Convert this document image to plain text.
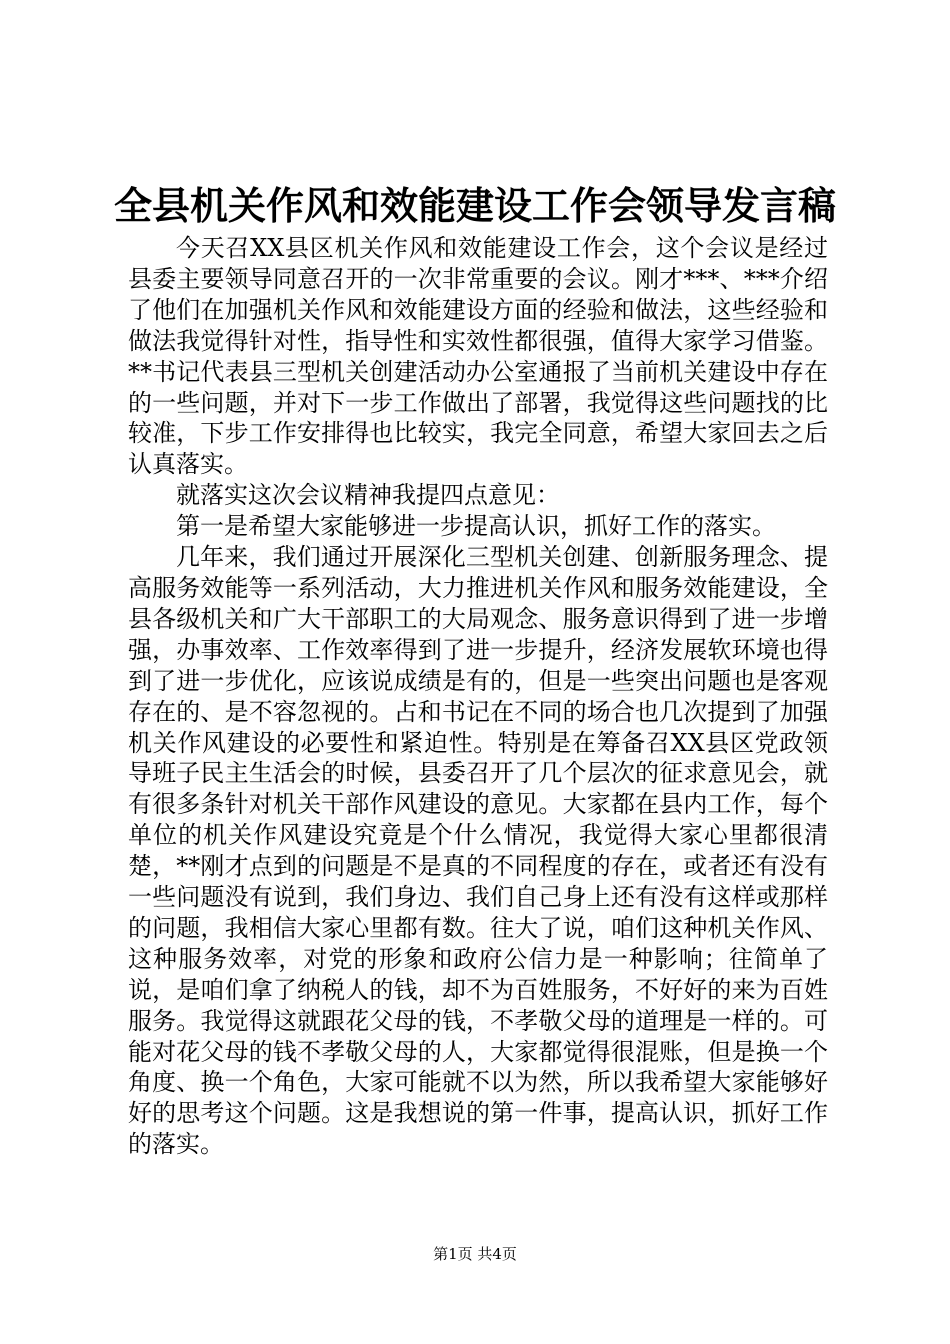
全县机关作风和效能建设工作会领导发言稿

今天召XX县区机关作风和效能建设工作会，这个会议是经过县委主要领导同意召开的一次非常重要的会议。刚才***、***介绍了他们在加强机关作风和效能建设方面的经验和做法，这些经验和做法我觉得针对性，指导性和实效性都很强，值得大家学习借鉴。**书记代表县三型机关创建活动办公室通报了当前机关建设中存在的一些问题，并对下一步工作做出了部署，我觉得这些问题找的比较准，下步工作安排得也比较实，我完全同意，希望大家回去之后认真落实。

就落实这次会议精神我提四点意见：

第一是希望大家能够进一步提高认识，抓好工作的落实。

几年来，我们通过开展深化三型机关创建、创新服务理念、提高服务效能等一系列活动，大力推进机关作风和服务效能建设，全县各级机关和广大干部职工的大局观念、服务意识得到了进一步增强，办事效率、工作效率得到了进一步提升，经济发展软环境也得到了进一步优化，应该说成绩是有的，但是一些突出问题也是客观存在的、是不容忽视的。占和书记在不同的场合也几次提到了加强机关作风建设的必要性和紧迫性。特别是在筹备召XX县区党政领导班子民主生活会的时候，县委召开了几个层次的征求意见会，就有很多条针对机关干部作风建设的意见。大家都在县内工作，每个单位的机关作风建设究竟是个什么情况，我觉得大家心里都很清楚，**刚才点到的问题是不是真的不同程度的存在，或者还有没有一些问题没有说到，我们身边、我们自己身上还有没有这样或那样的问题，我相信大家心里都有数。往大了说，咱们这种机关作风、这种服务效率，对党的形象和政府公信力是一种影响；往简单了说，是咱们拿了纳税人的钱，却不为百姓服务，不好好的来为百姓服务。我觉得这就跟花父母的钱，不孝敬父母的道理是一样的。可能对花父母的钱不孝敬父母的人，大家都觉得很混账，但是换一个角度、换一个角色，大家可能就不以为然，所以我希望大家能够好好的思考这个问题。这是我想说的第一件事，提高认识，抓好工作的落实。

第1页 共4页
